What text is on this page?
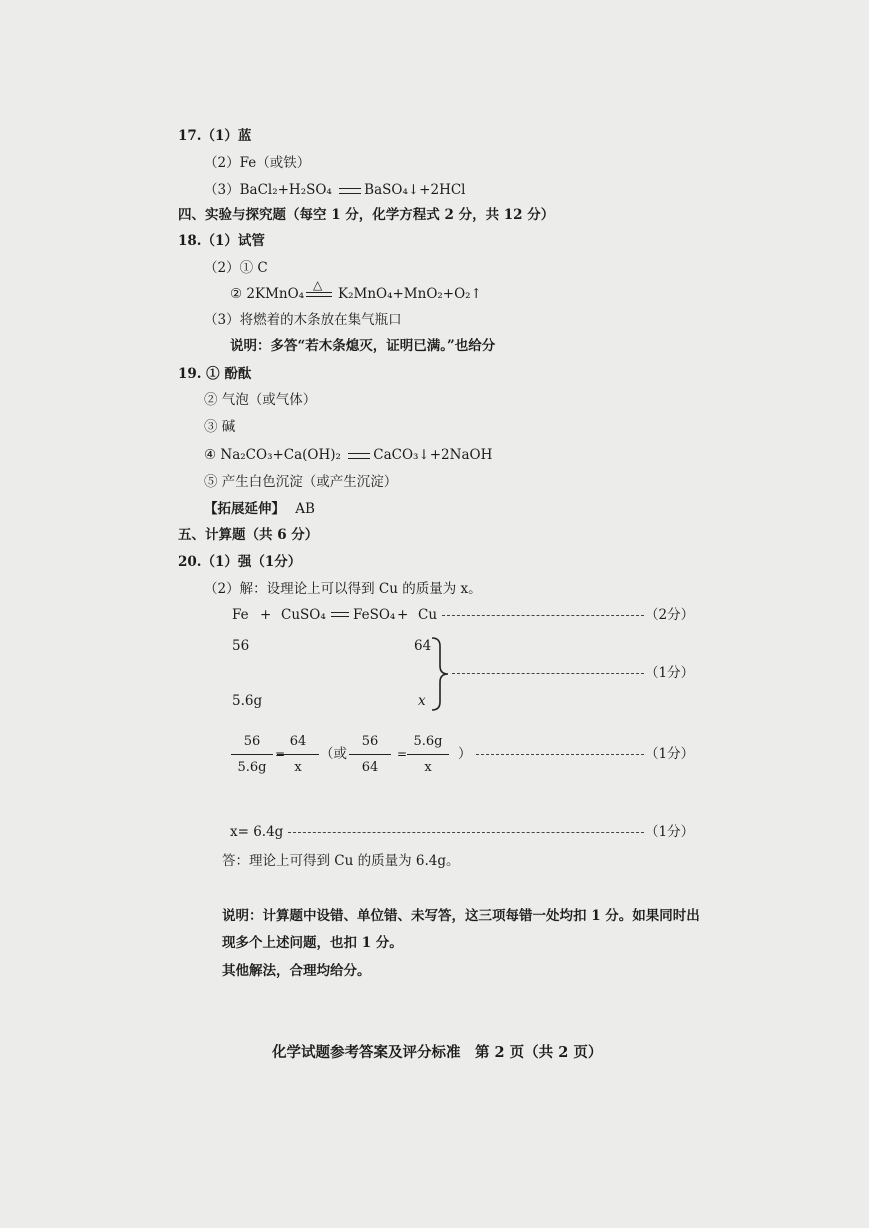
17.（1）蓝
（2）Fe（或铁）
（3）BaCl₂+H₂SO₄ BaSO₄↓+2HCl
四、实验与探究题（每空 1 分，化学方程式 2 分，共 12 分）
18.（1）试管
（2）① C
② 2KMnO₄
△
K₂MnO₄+MnO₂+O₂↑
（3）将燃着的木条放在集气瓶口
说明：多答“若木条熄灭，证明已满。”也给分
19. ① 酚酞
② 气泡（或气体）
③ 碱
④ Na₂CO₃+Ca(OH)₂ CaCO₃↓+2NaOH
⑤ 产生白色沉淀（或产生沉淀）
【拓展延伸】 AB
五、计算题（共 6 分）
20.（1）强（1分）
（2）解：设理论上可以得到 Cu 的质量为 x。
Fe + CuSO₄ FeSO₄ + Cu	（2分）
56	64
5.6g	x
（1分）
56
5.6g
=
64
x
（或
56
64
=
5.6g
x
）	（1分）
x= 6.4g	（1分）
答：理论上可得到 Cu 的质量为 6.4g。
说明：计算题中设错、单位错、未写答，这三项每错一处均扣 1 分。如果同时出
现多个上述问题，也扣 1 分。
其他解法，合理均给分。
化学试题参考答案及评分标准　第 2 页（共 2 页）
